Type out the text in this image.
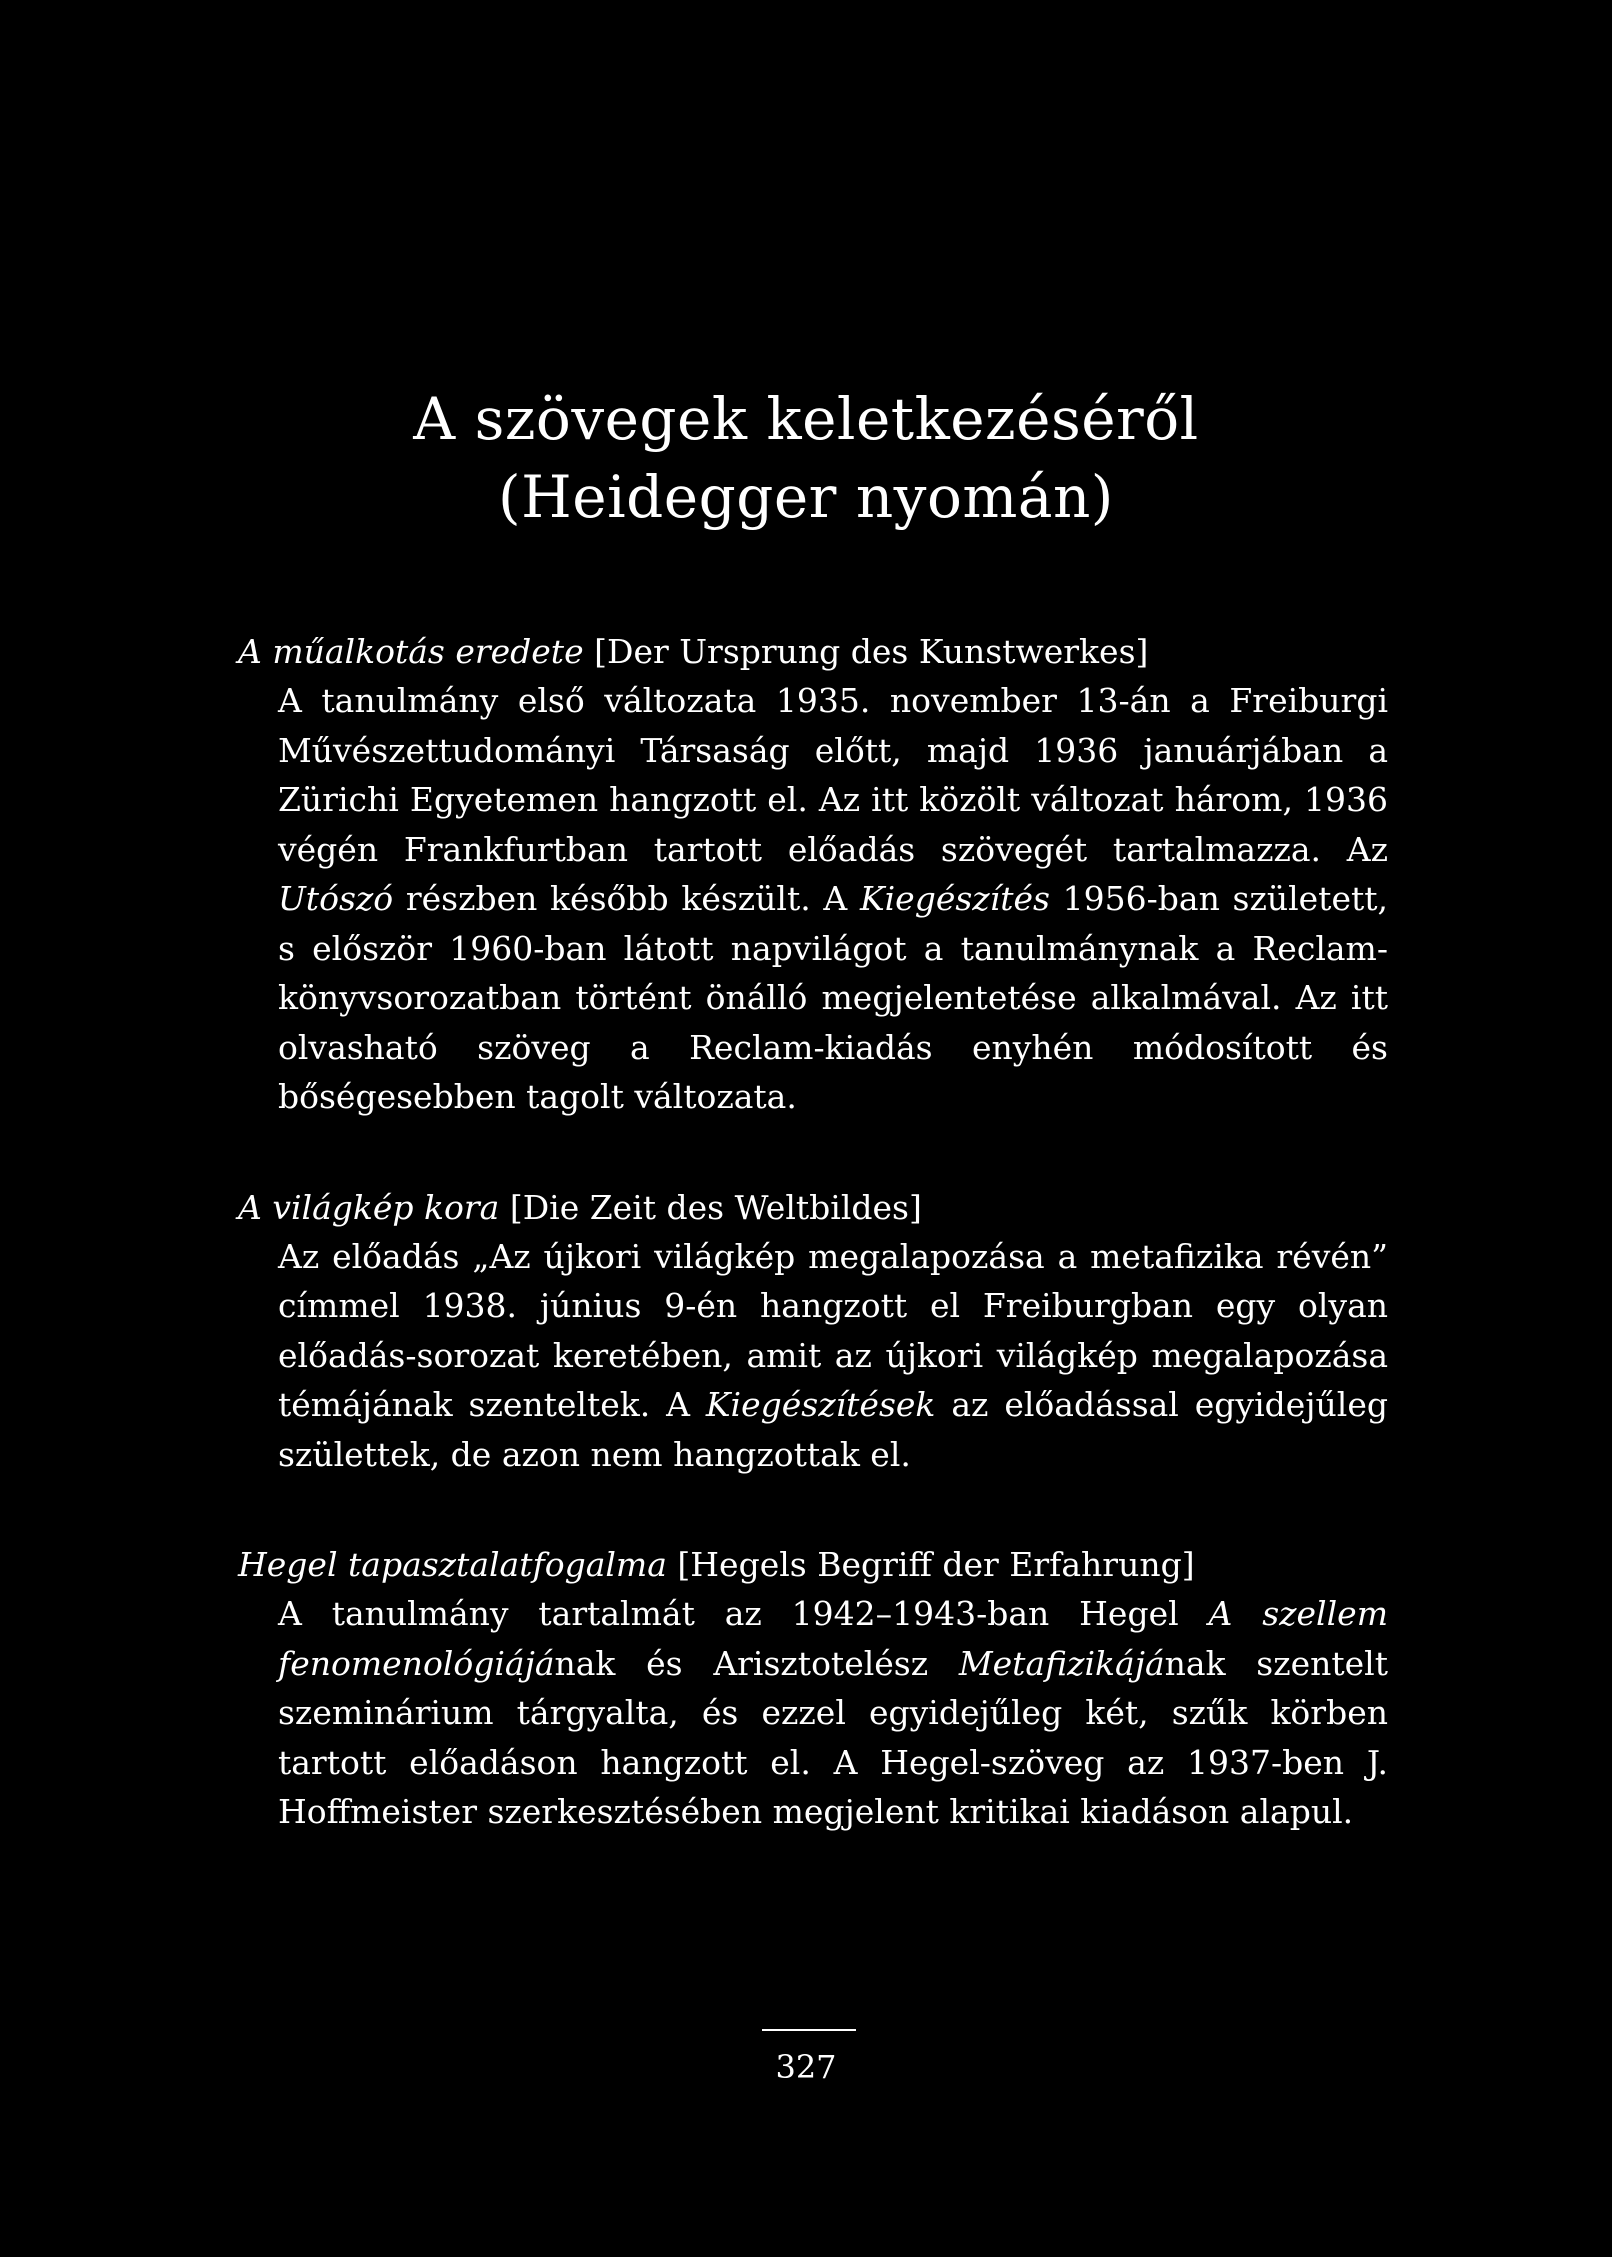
A szövegek keletkezéséről
(Heidegger nyomán)

A műalkotás eredete [Der Ursprung des Kunstwerkes]

A tanulmány első változata 1935. november 13-án a Freiburgi Művészettudományi Társaság előtt, majd 1936 januárjában a Zürichi Egyetemen hangzott el. Az itt közölt változat három, 1936 végén Frankfurtban tartott előadás szövegét tartalmazza. Az Utószó részben később készült. A Kiegészítés 1956-ban született, s először 1960-ban látott napvilágot a tanulmánynak a Reclam-könyvsorozatban történt önálló megjelentetése alkalmával. Az itt olvasható szöveg a Reclam-kiadás enyhén módosított és bőségesebben tagolt változata.

A világkép kora [Die Zeit des Weltbildes]

Az előadás „Az újkori világkép megalapozása a metafizika révén” címmel 1938. június 9-én hangzott el Freiburgban egy olyan előadás-sorozat keretében, amit az újkori világkép megalapozása témájának szenteltek. A Kiegészítések az előadással egyidejűleg születtek, de azon nem hangzottak el.

Hegel tapasztalatfogalma [Hegels Begriff der Erfahrung]

A tanulmány tartalmát az 1942–1943-ban Hegel A szellem fenomenológiájának és Arisztotelész Metafizikájának szentelt szeminárium tárgyalta, és ezzel egyidejűleg két, szűk körben tartott előadáson hangzott el. A Hegel-szöveg az 1937-ben J. Hoffmeister szerkesztésében megjelent kritikai kiadáson alapul.

327
